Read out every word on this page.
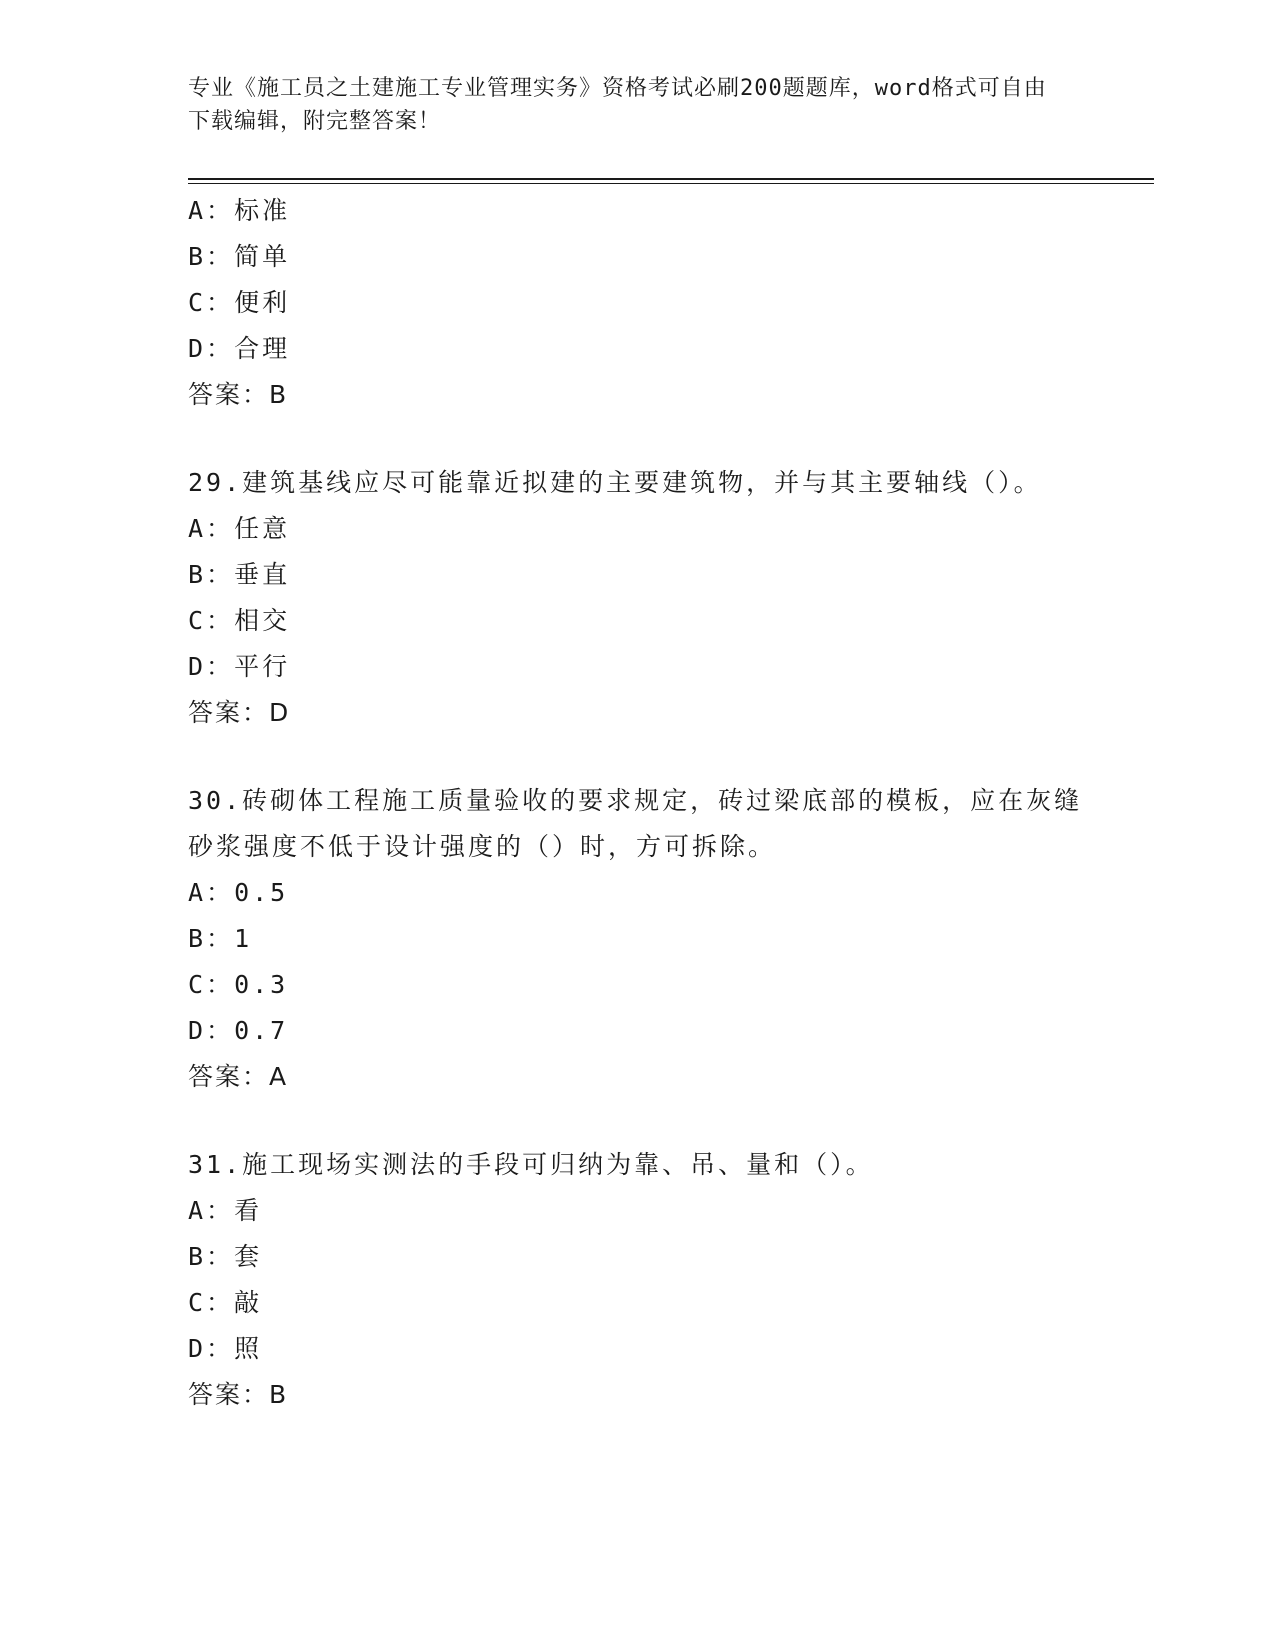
专业《施工员之土建施工专业管理实务》资格考试必刷200题题库，word格式可自由下载编辑，附完整答案！
A：标准
B：简单
C：便利
D：合理
答案：B
29.建筑基线应尽可能靠近拟建的主要建筑物，并与其主要轴线（）。
A：任意
B：垂直
C：相交
D：平行
答案：D
30.砖砌体工程施工质量验收的要求规定，砖过梁底部的模板，应在灰缝砂浆强度不低于设计强度的（）时，方可拆除。
A：0.5
B：1
C：0.3
D：0.7
答案：A
31.施工现场实测法的手段可归纳为靠、吊、量和（）。
A：看
B：套
C：敲
D：照
答案：B
